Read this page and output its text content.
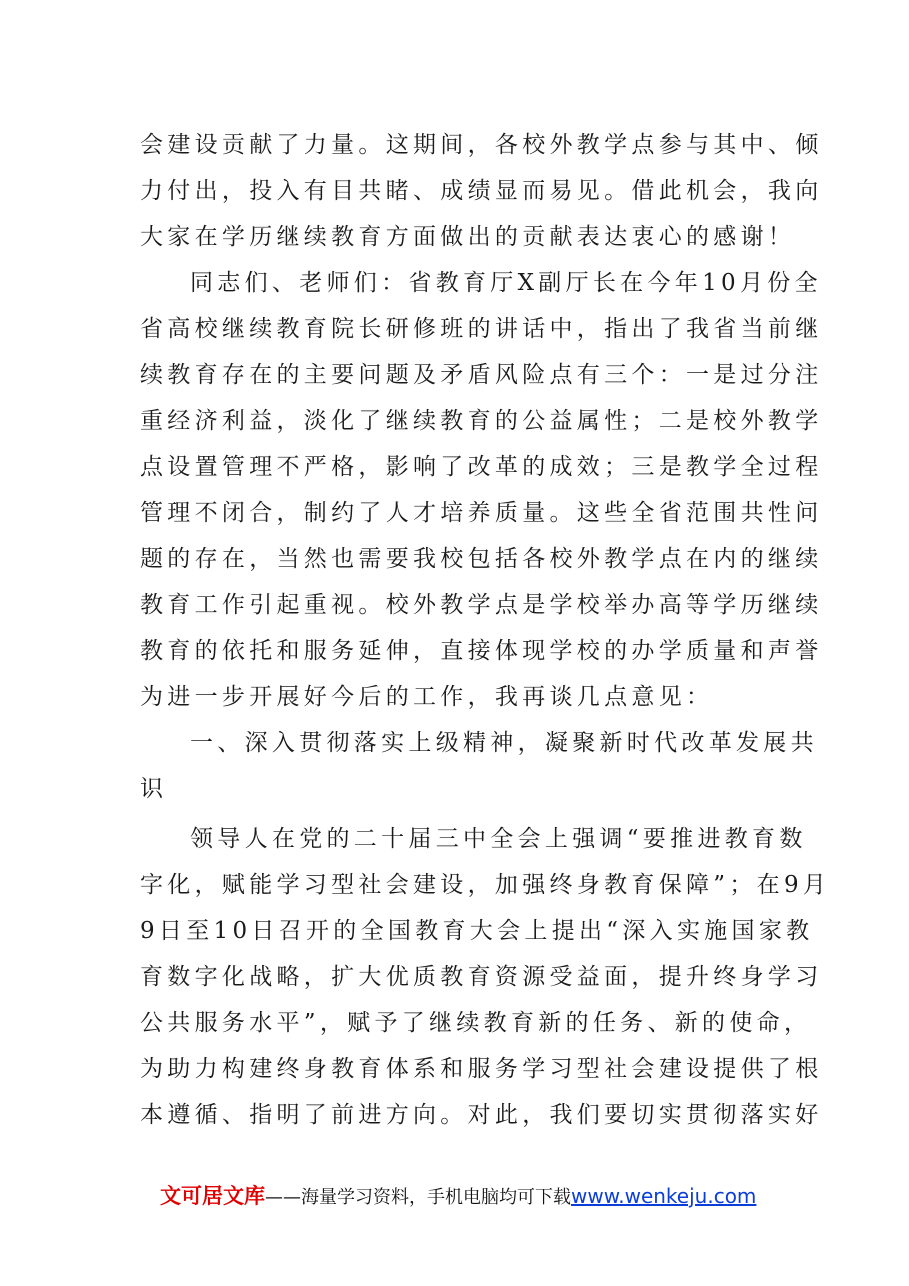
会建设贡献了力量。这期间，各校外教学点参与其中、倾
力付出，投入有目共睹、成绩显而易见。借此机会，我向
大家在学历继续教育方面做出的贡献表达衷心的感谢！

同志们、老师们：省教育厅X副厅长在今年10月份全
省高校继续教育院长研修班的讲话中，指出了我省当前继
续教育存在的主要问题及矛盾风险点有三个：一是过分注
重经济利益，淡化了继续教育的公益属性；二是校外教学
点设置管理不严格，影响了改革的成效；三是教学全过程
管理不闭合，制约了人才培养质量。这些全省范围共性问
题的存在，当然也需要我校包括各校外教学点在内的继续
教育工作引起重视。校外教学点是学校举办高等学历继续
教育的依托和服务延伸，直接体现学校的办学质量和声誉
为进一步开展好今后的工作，我再谈几点意见：

一、深入贯彻落实上级精神，凝聚新时代改革发展共
识

领导人在党的二十届三中全会上强调“要推进教育数
字化，赋能学习型社会建设，加强终身教育保障”；在9月
9日至10日召开的全国教育大会上提出“深入实施国家教
育数字化战略，扩大优质教育资源受益面，提升终身学习
公共服务水平”，赋予了继续教育新的任务、新的使命，
为助力构建终身教育体系和服务学习型社会建设提供了根
本遵循、指明了前进方向。对此，我们要切实贯彻落实好

文可居文库——海量学习资料，手机电脑均可下载www.wenkeju.com
